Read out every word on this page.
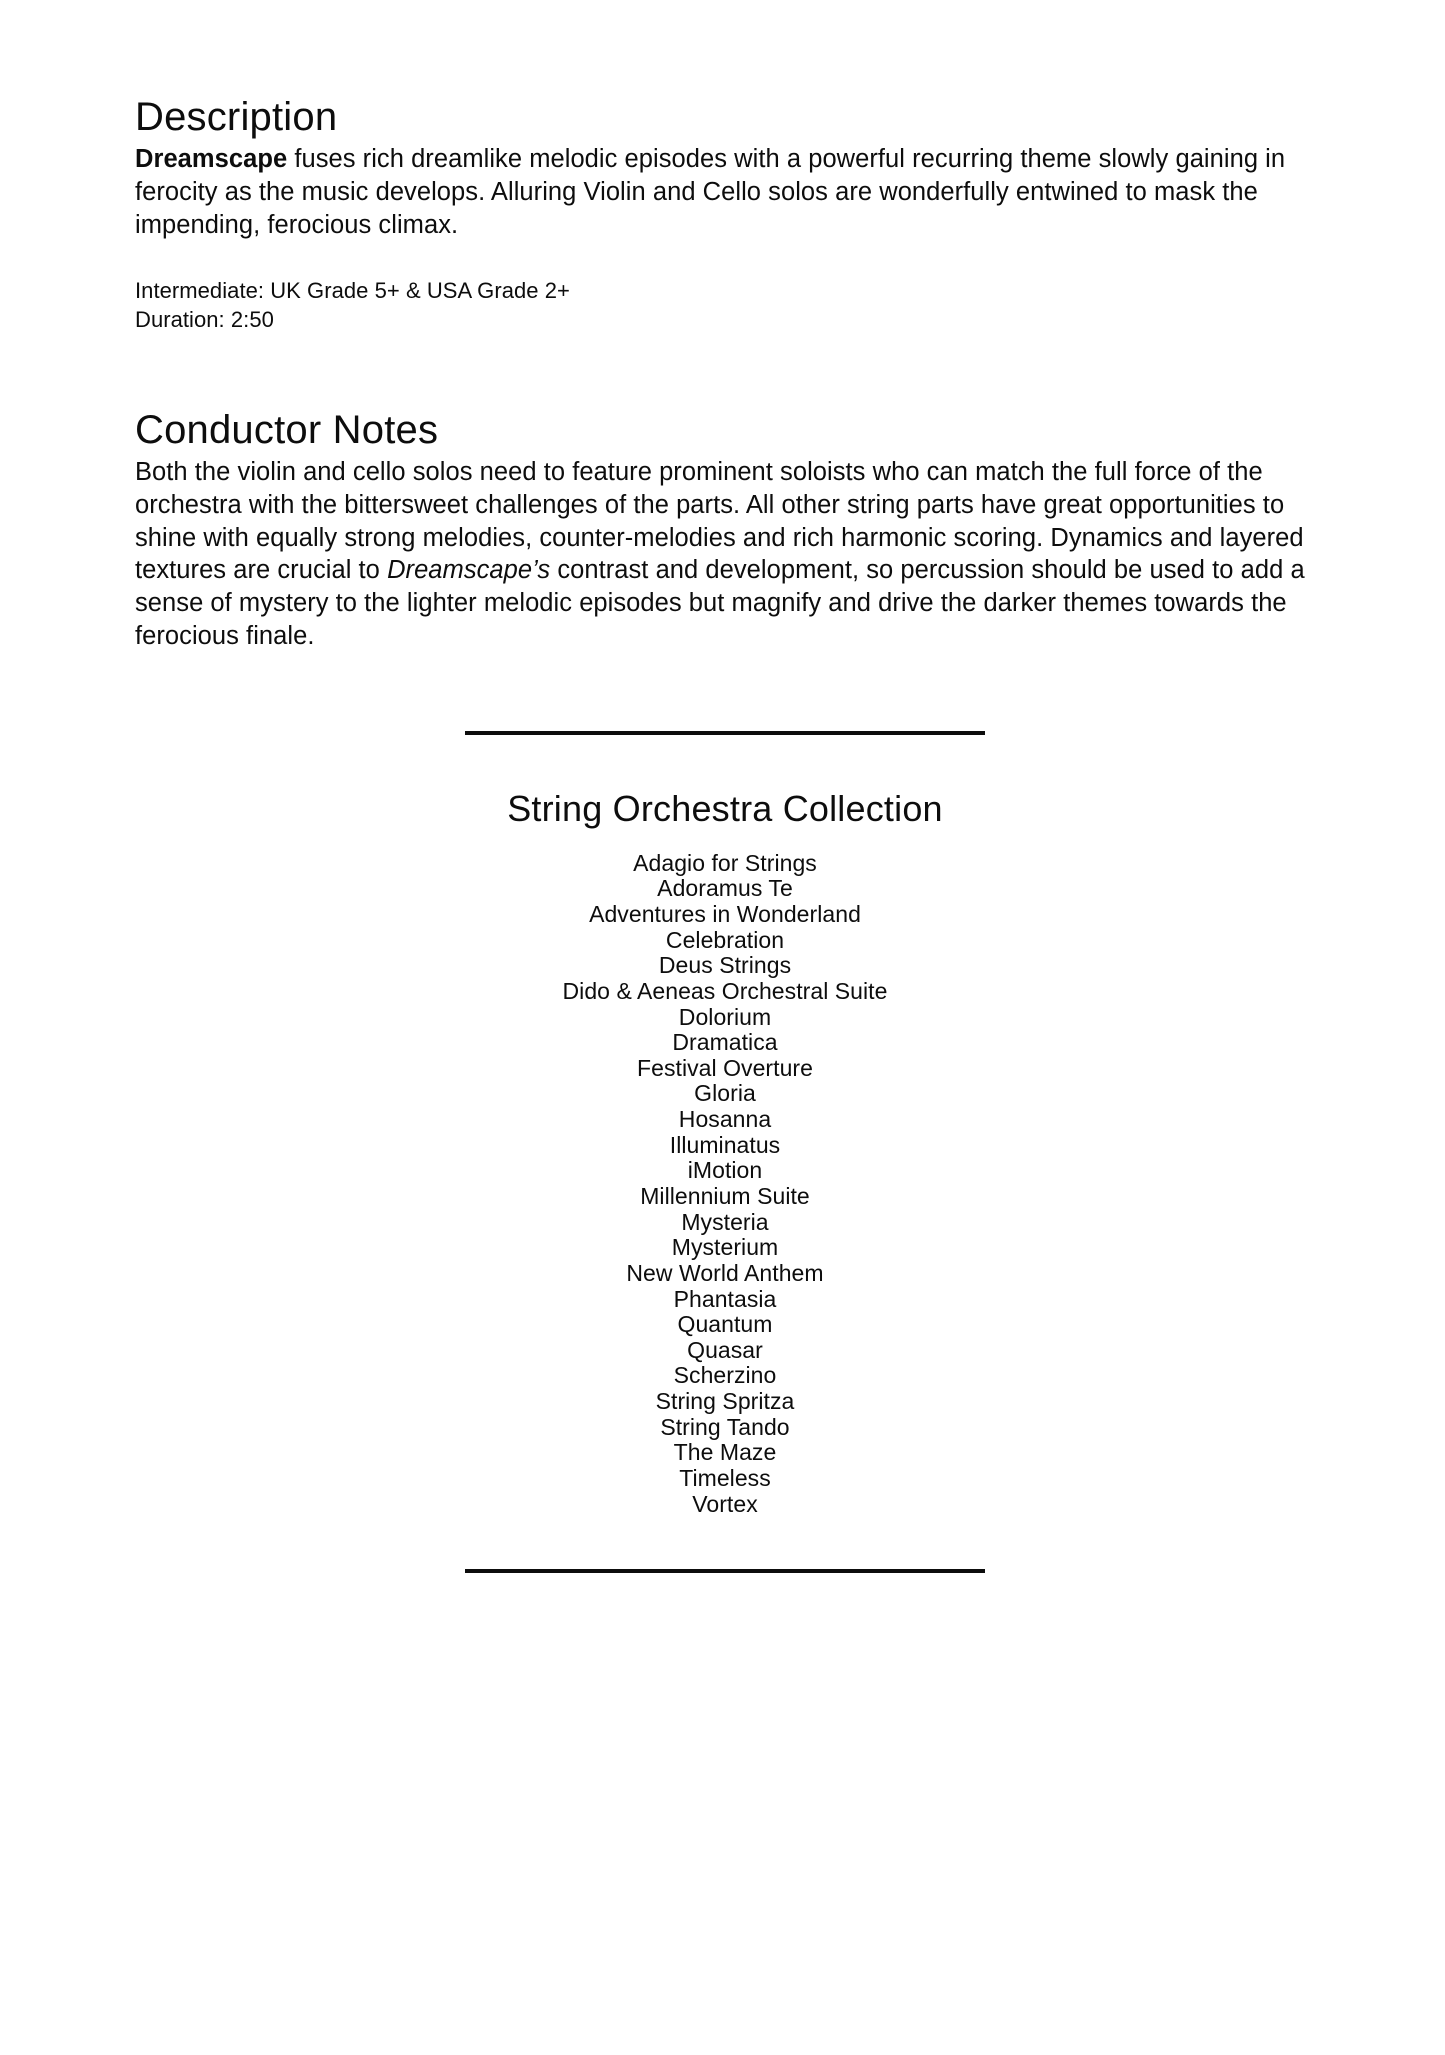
Description

Dreamscape fuses rich dreamlike melodic episodes with a powerful recurring theme slowly gaining in ferocity as the music develops. Alluring Violin and Cello solos are wonderfully entwined to mask the impending, ferocious climax.

Intermediate: UK Grade 5+ & USA Grade 2+
Duration: 2:50
Conductor Notes

Both the violin and cello solos need to feature prominent soloists who can match the full force of the orchestra with the bittersweet challenges of the parts. All other string parts have great opportunities to shine with equally strong melodies, counter-melodies and rich harmonic scoring. Dynamics and layered textures are crucial to Dreamscape’s contrast and development, so percussion should be used to add a sense of mystery to the lighter melodic episodes but magnify and drive the darker themes towards the ferocious finale.

String Orchestra Collection
Adagio for Strings
Adoramus Te
Adventures in Wonderland
Celebration
Deus Strings
Dido & Aeneas Orchestral Suite
Dolorium
Dramatica
Festival Overture
Gloria
Hosanna
Illuminatus
iMotion
Millennium Suite
Mysteria
Mysterium
New World Anthem
Phantasia
Quantum
Quasar
Scherzino
String Spritza
String Tando
The Maze
Timeless
Vortex
